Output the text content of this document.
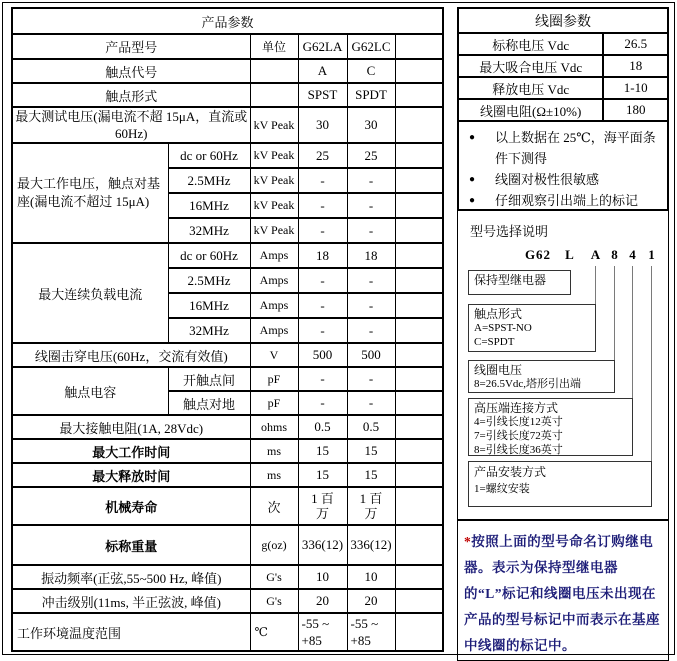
产品参数					
产品型号		单位	G62LA	G62LC	
触点代号			A	C	
触点形式			SPST	SPDT	
最大测试电压(漏电流不超 15μA，直流或 60Hz)		kV Peak	30	30	
最大工作电压，触点对基座(漏电流不超过 15μA)	dc or 60Hz	kV Peak	25	25	
	2.5MHz	kV Peak	-	-	
	16MHz	kV Peak	-	-	
	32MHz	kV Peak	-	-	
最大连续负载电流	dc or 60Hz	Amps	18	18	
	2.5MHz	Amps	-	-	
	16MHz	Amps	-	-	
	32MHz	Amps	-	-	
线圈击穿电压(60Hz，交流有效值)		V	500	500	
触点电容	开触点间	pF	-	-	
	触点对地	pF	-	-	
最大接触电阻(1A, 28Vdc)		ohms	0.5	0.5	
最大工作时间		ms	15	15	
最大释放时间		ms	15	15	
机械寿命		次	1 百万	1 百万	

标称重量		g(oz)	336(12)	336(12)	

振动频率(正弦,55~500 Hz, 峰值)		G's	10	10	
冲击级别(11ms, 半正弦波, 峰值)		G's	20	20	
工作环境温度范围		℃	-55 ~ +85	-55 ~ +85	

线圈参数	
标称电压 Vdc	26.5
最大吸合电压 Vdc	18
释放电压 Vdc	1-10
线圈电阻(Ω±10%)	180
●	以上数据在 25℃，海平面条件下测得
●	线圈对极性很敏感
●	仔细观察引出端上的标记
型号选择说明
G62 L A 8 4 1
保持型继电器
触点形式
A=SPST-NO
C=SPDT
线圈电压
8=26.5Vdc,塔形引出端
高压端连接方式
4=引线长度12英寸
7=引线长度72英寸
8=引线长度36英寸
产品安装方式
1=螺纹安装
*按照上面的型号命名订购继电器。表示为保持型继电器的“L”标记和线圈电压未出现在产品的型号标记中而表示在基座中线圈的标记中。
